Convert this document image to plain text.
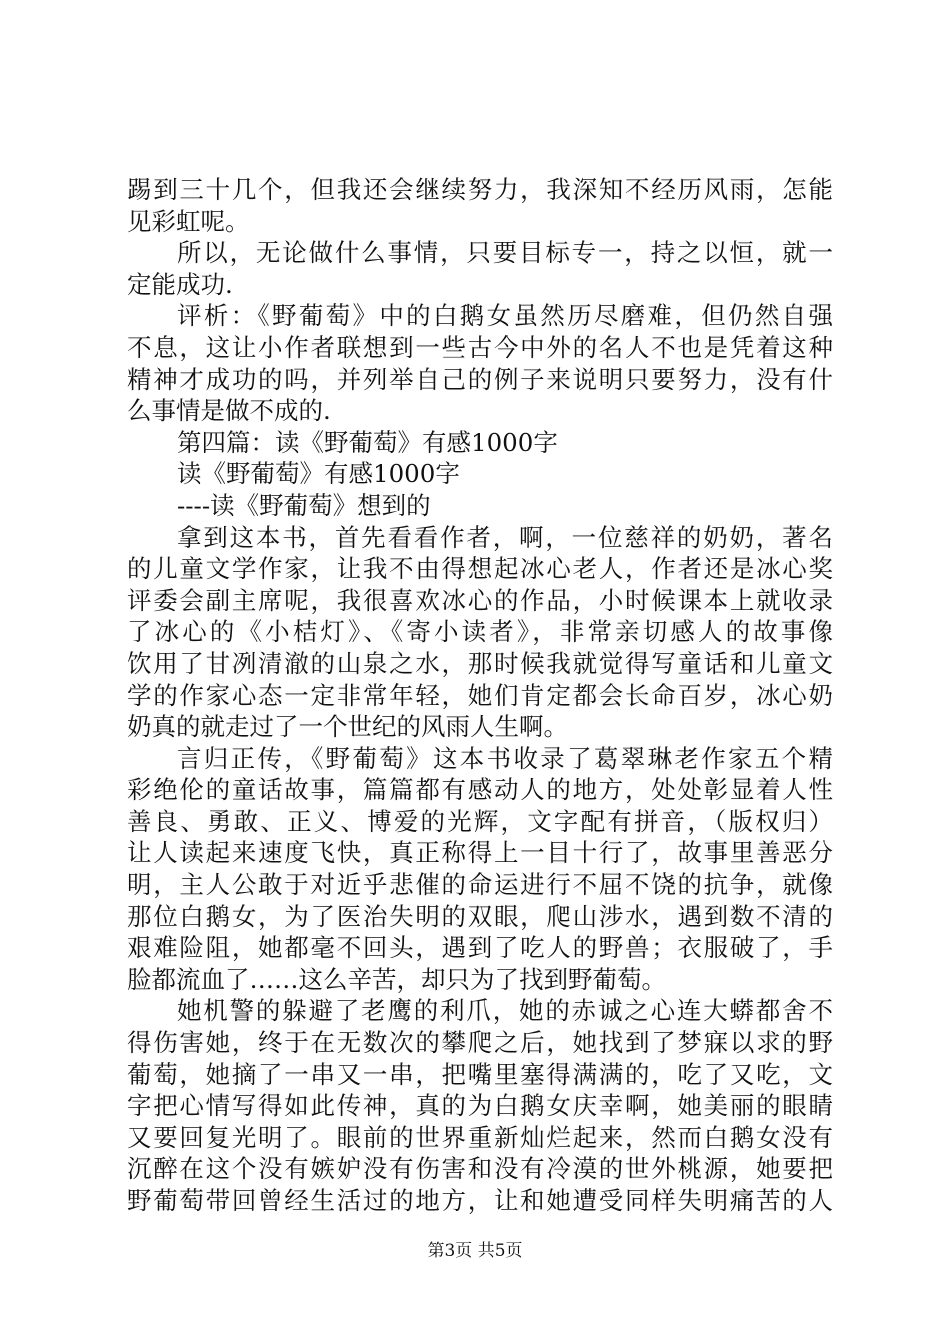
踢到三十几个，但我还会继续努力，我深知不经历风雨，怎能
见彩虹呢。
所以，无论做什么事情，只要目标专一，持之以恒，就一
定能成功.
评析：《野葡萄》中的白鹅女虽然历尽磨难，但仍然自强
不息，这让小作者联想到一些古今中外的名人不也是凭着这种
精神才成功的吗，并列举自己的例子来说明只要努力，没有什
么事情是做不成的.
第四篇：读《野葡萄》有感1000字
读《野葡萄》有感1000字
----读《野葡萄》想到的
拿到这本书，首先看看作者，啊，一位慈祥的奶奶，著名
的儿童文学作家，让我不由得想起冰心老人，作者还是冰心奖
评委会副主席呢，我很喜欢冰心的作品，小时候课本上就收录
了冰心的《小桔灯》、《寄小读者》，非常亲切感人的故事像
饮用了甘冽清澈的山泉之水，那时候我就觉得写童话和儿童文
学的作家心态一定非常年轻，她们肯定都会长命百岁，冰心奶
奶真的就走过了一个世纪的风雨人生啊。
言归正传，《野葡萄》这本书收录了葛翠琳老作家五个精
彩绝伦的童话故事，篇篇都有感动人的地方，处处彰显着人性
善良、勇敢、正义、博爱的光辉，文字配有拼音，（版权归）
让人读起来速度飞快，真正称得上一目十行了，故事里善恶分
明，主人公敢于对近乎悲催的命运进行不屈不饶的抗争，就像
那位白鹅女，为了医治失明的双眼，爬山涉水，遇到数不清的
艰难险阻，她都毫不回头，遇到了吃人的野兽；衣服破了，手
脸都流血了……这么辛苦，却只为了找到野葡萄。
她机警的躲避了老鹰的利爪，她的赤诚之心连大蟒都舍不
得伤害她，终于在无数次的攀爬之后，她找到了梦寐以求的野
葡萄，她摘了一串又一串，把嘴里塞得满满的，吃了又吃，文
字把心情写得如此传神，真的为白鹅女庆幸啊，她美丽的眼睛
又要回复光明了。眼前的世界重新灿烂起来，然而白鹅女没有
沉醉在这个没有嫉妒没有伤害和没有冷漠的世外桃源，她要把
野葡萄带回曾经生活过的地方，让和她遭受同样失明痛苦的人
第3页 共5页
